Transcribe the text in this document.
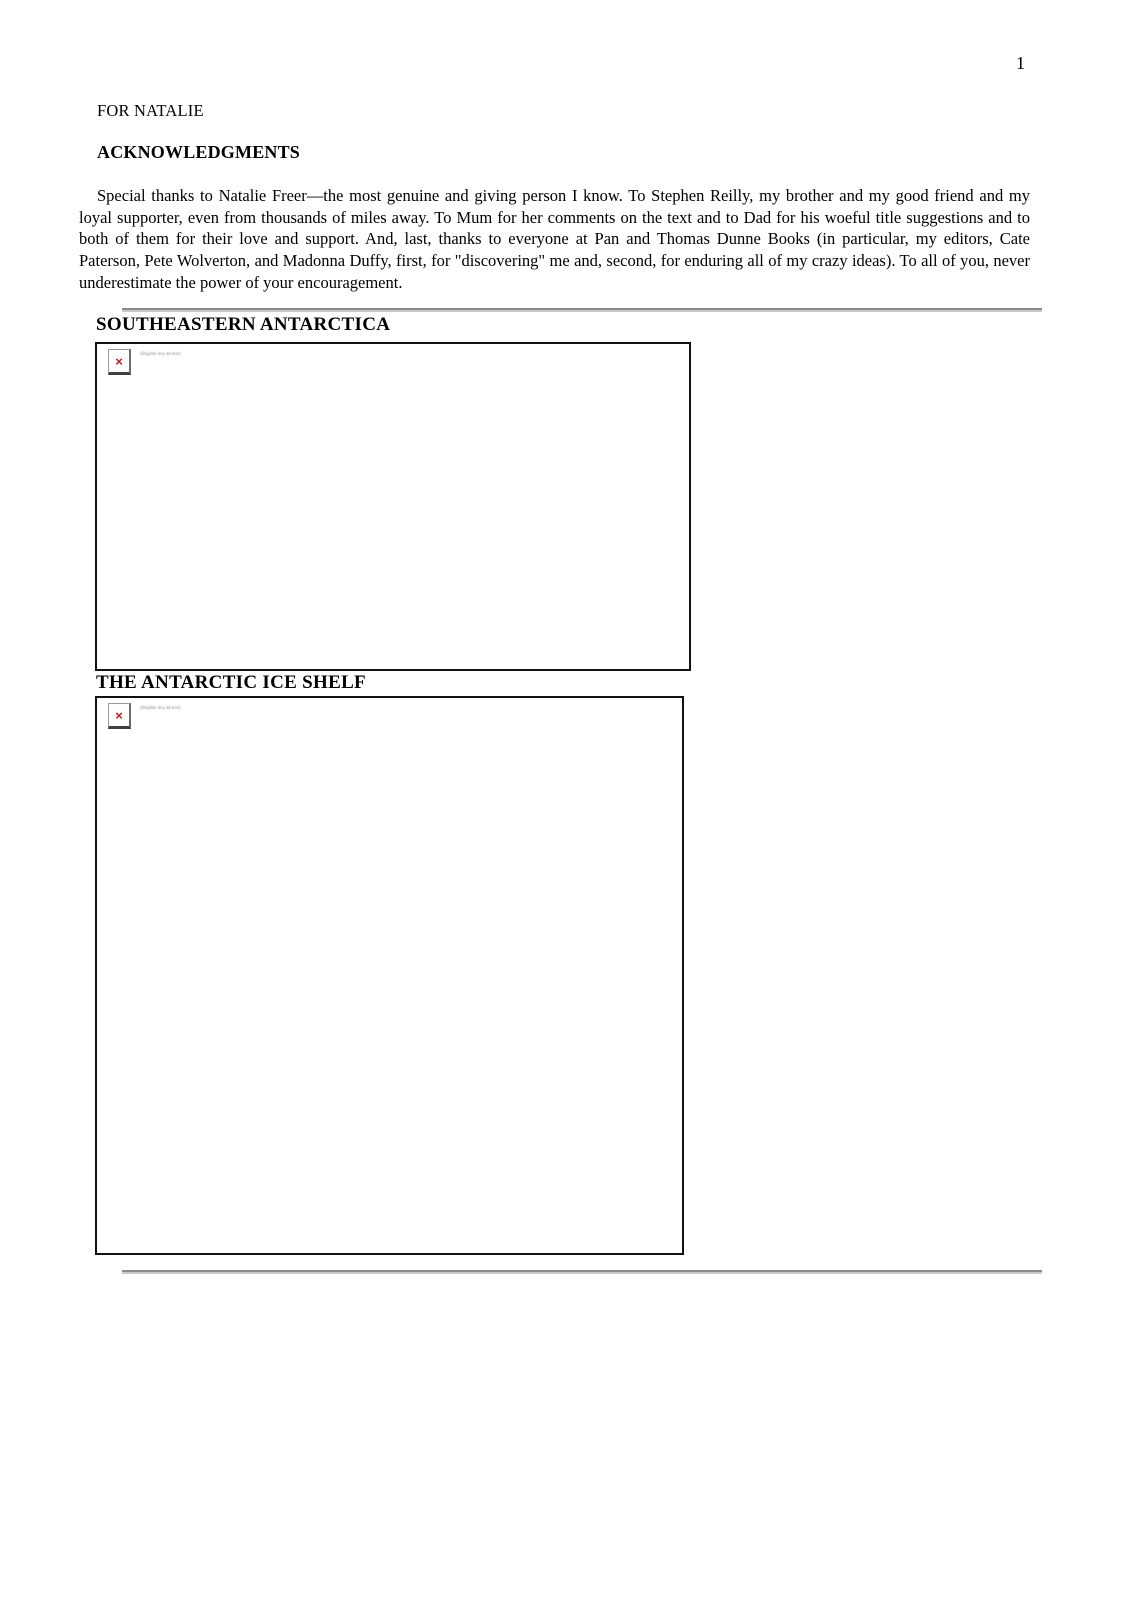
1
FOR NATALIE
ACKNOWLEDGMENTS

Special thanks to Natalie Freer—the most genuine and giving person I know. To Stephen Reilly, my brother and my good friend and my loyal supporter, even from thousands of miles away. To Mum for her comments on the text and to Dad for his woeful title suggestions and to both of them for their love and support. And, last, thanks to everyone at Pan and Thomas Dunne Books (in particular, my editors, Cate Paterson, Pete Wolverton, and Madonna Duffy, first, for "discovering" me and, second, for enduring all of my crazy ideas). To all of you, never underestimate the power of your encouragement.

SOUTHEASTERN ANTARCTICA
×	(illegible tiny alt text)
THE ANTARCTIC ICE SHELF
×	(illegible tiny alt text)
